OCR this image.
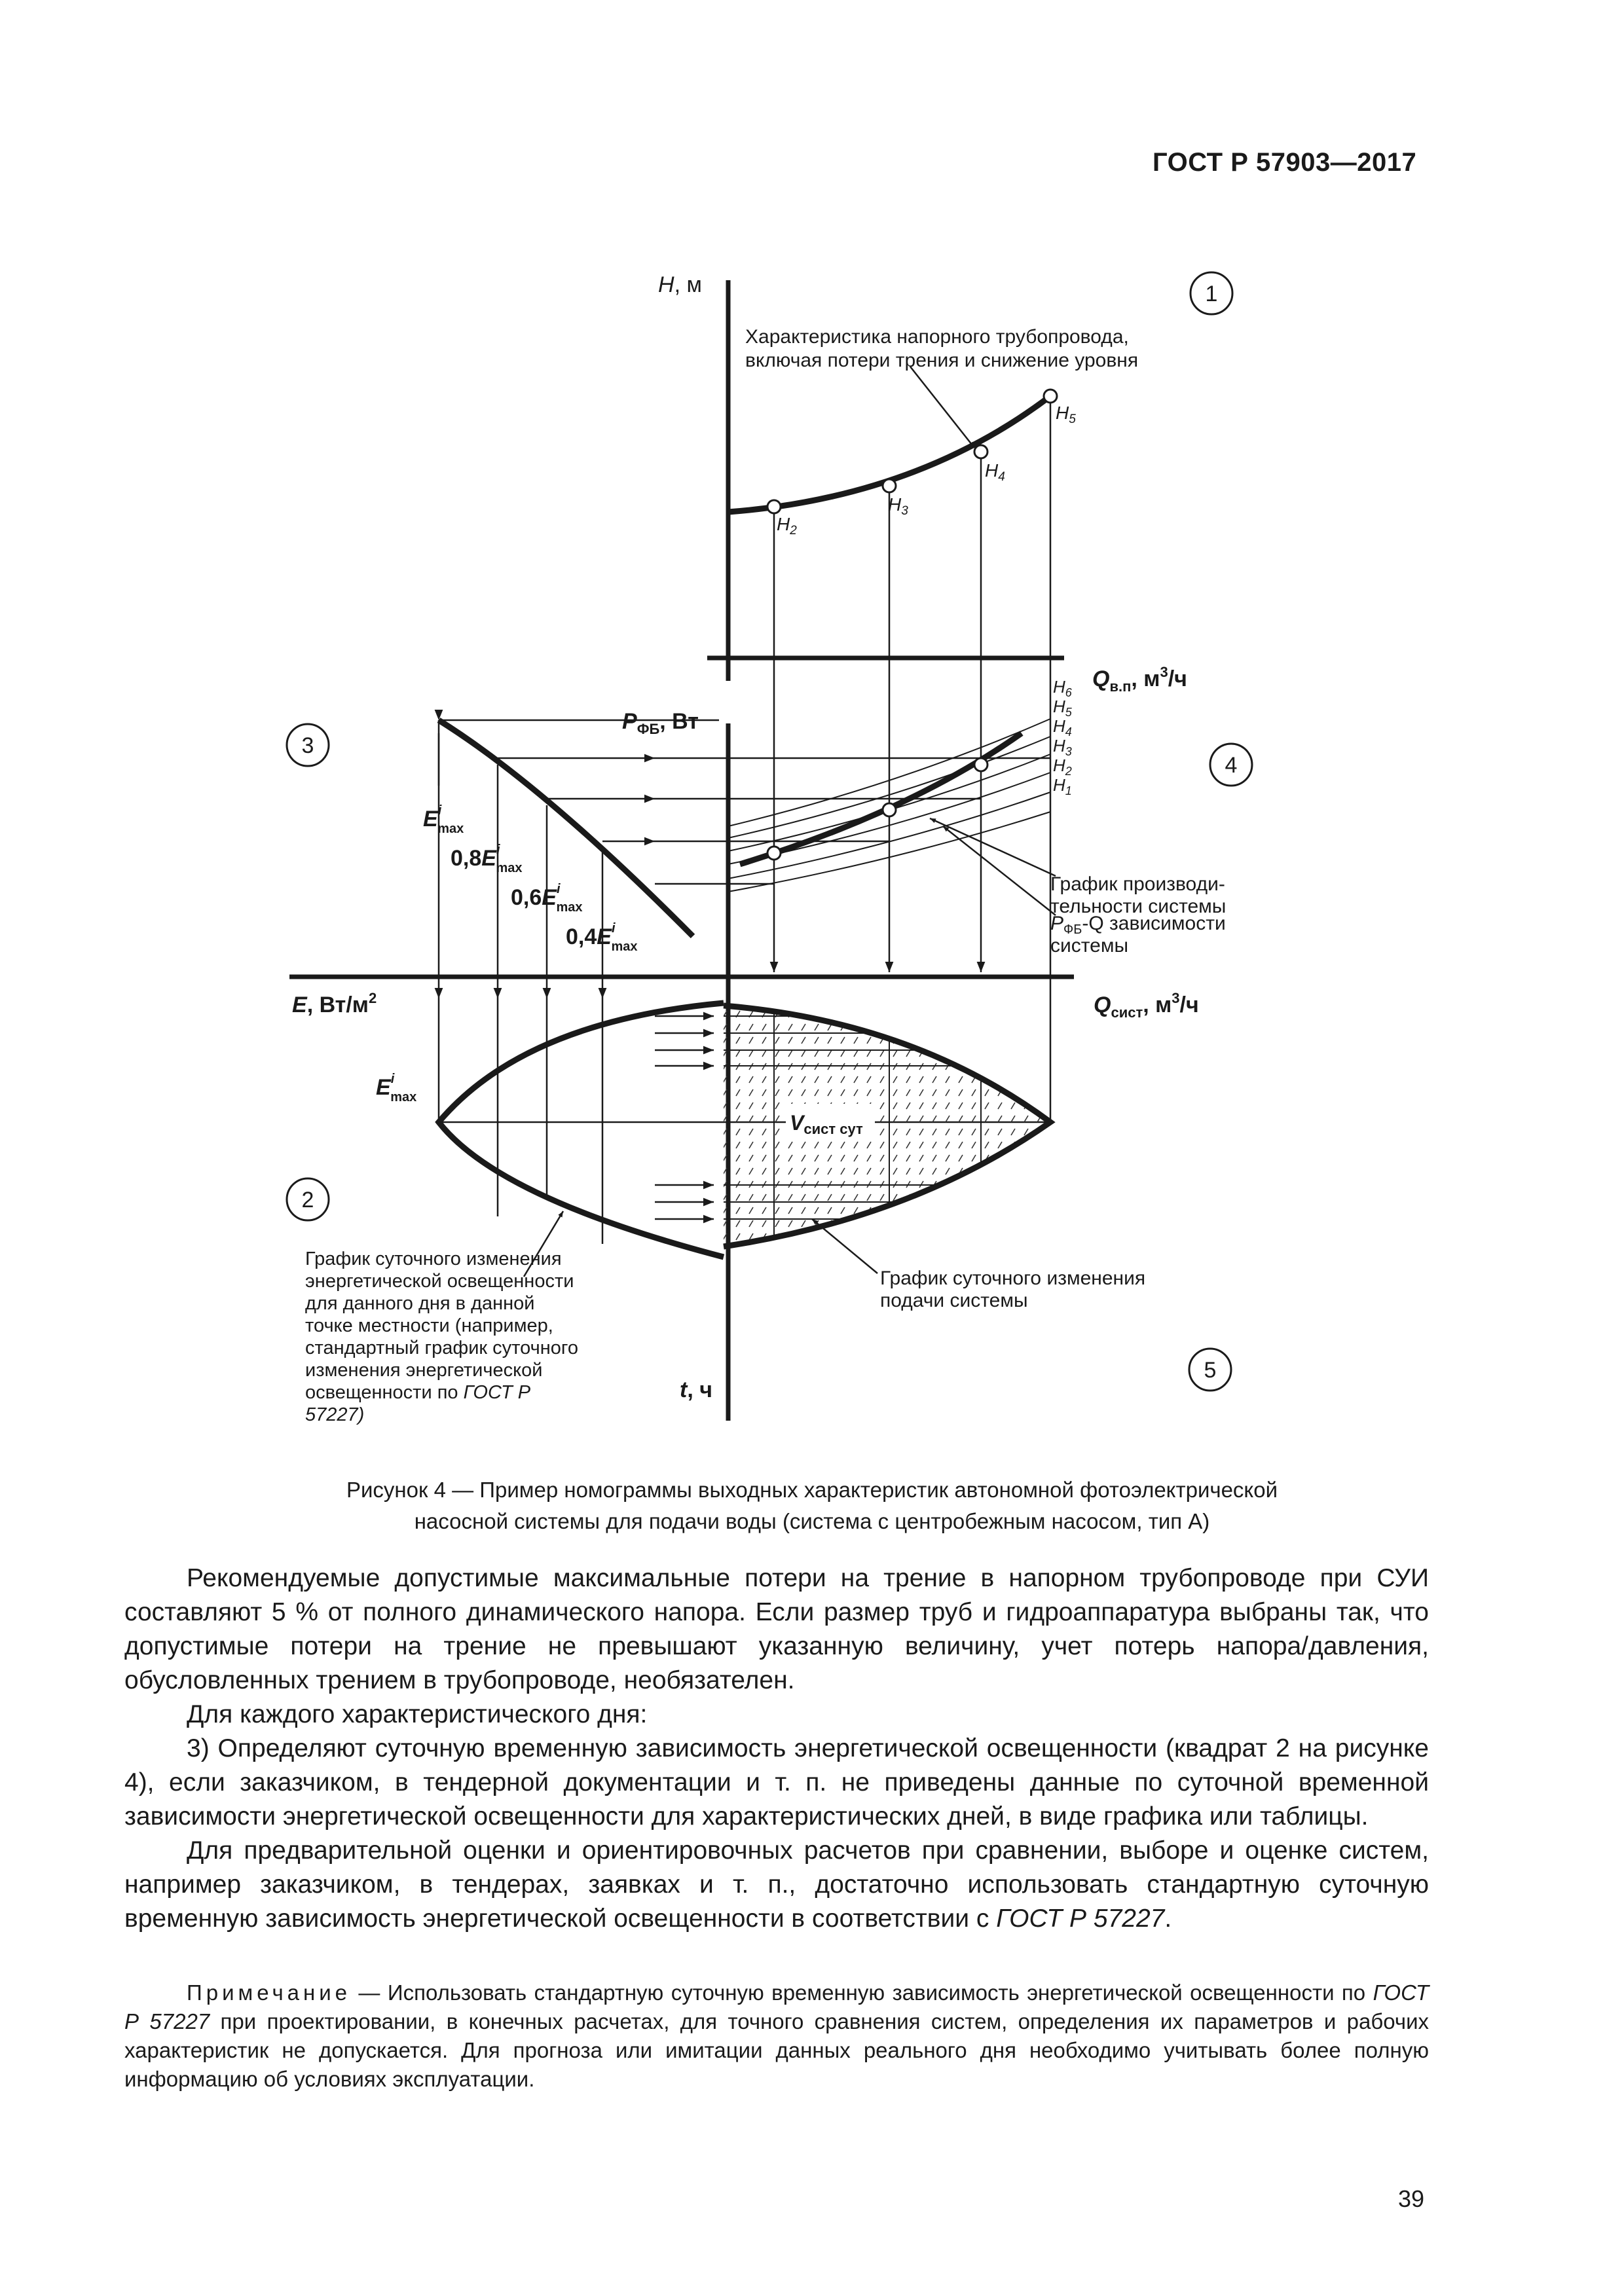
ГОСТ Р 57903—2017
1
3
4
2
5
H, м
$Q_{в.п}$, $м^3/ч$
$P_{ФБ}$, Вт
E, $Вт/м^2$	$Q_{сист}$, $м^3/ч$
t, ч
$H_2$
$H_3$
$H_4$
$H_5$
$H_6$
$H_5$
$H_4$
$H_3$
$H_2$
$H_1$
$E^i$ max
$0,8E^i$ max
$0,6E^i$ max
$0,4E^i$ max
$E^i$ max
Vсист сут
Характеристика напорного трубопровода,
включая потери трения и снижение уровня
График производи-
тельности системы
$P_{ФБ}-Q$ зависимости
системы
График суточного изменения
подачи системы
График суточного изменения
энергетической освещенности
для данного дня в данной
точке местности (например,
стандартный график суточного
изменения энергетической
освещенности по ГОСТ Р
57227)
Рисунок 4 — Пример номограммы выходных характеристик автономной фотоэлектрической
насосной системы для подачи воды (система с центробежным насосом, тип А)

Рекомендуемые допустимые максимальные потери на трение в напорном трубопроводе при СУИ составляют 5 % от полного динамического напора. Если размер труб и гидроаппаратура выбраны так, что допустимые потери на трение не превышают указанную величину, учет потерь напора/давления, обусловленных трением в трубопроводе, необязателен.

Для каждого характеристического дня:

3) Определяют суточную временную зависимость энергетической освещенности (квадрат 2 на рисунке 4), если заказчиком, в тендерной документации и т. п. не приведены данные по суточной временной зависимости энергетической освещенности для характеристических дней, в виде графика или таблицы.

Для предварительной оценки и ориентировочных расчетов при сравнении, выборе и оценке систем, например заказчиком, в тендерах, заявках и т. п., достаточно использовать стандартную суточную временную зависимость энергетической освещенности в соответствии с ГОСТ Р 57227.

Примечание — Использовать стандартную суточную временную зависимость энергетической освещенности по ГОСТ Р 57227 при проектировании, в конечных расчетах, для точного сравнения систем, определения их параметров и рабочих характеристик не допускается. Для прогноза или имитации данных реального дня необходимо учитывать более полную информацию об условиях эксплуатации.

39
